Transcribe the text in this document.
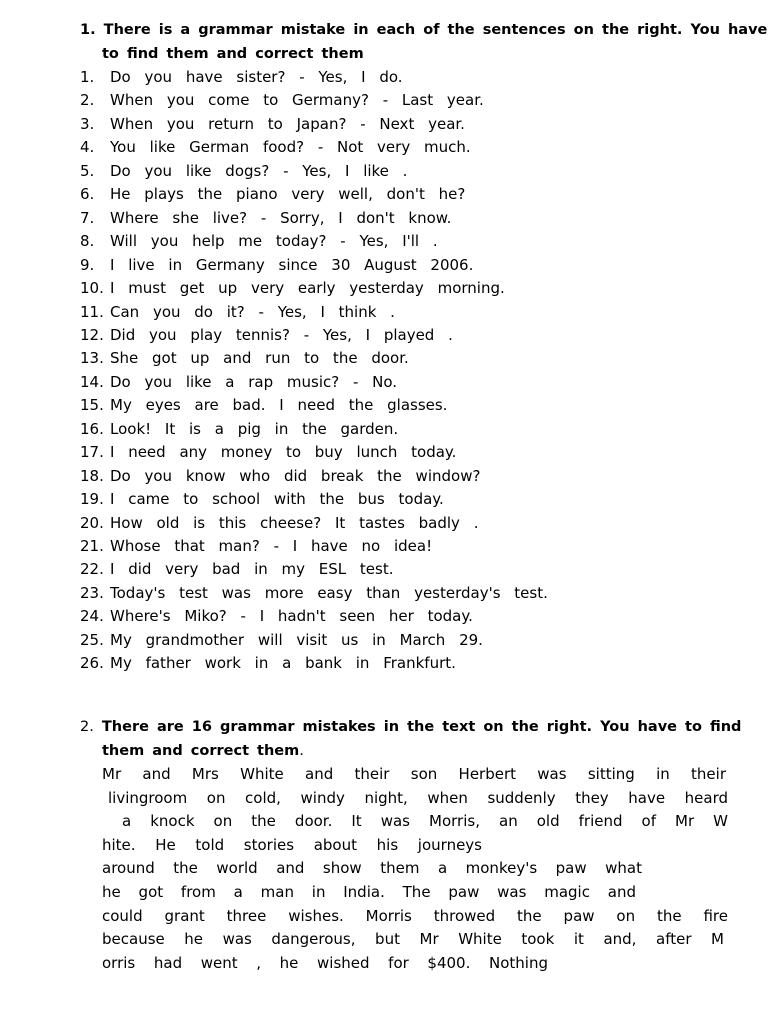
1. There is a grammar mistake in each of the sentences on the right. You have
to find them and correct them
1. Do you have sister? - Yes, I do.
2. When you come to Germany? - Last year.
3. When you return to Japan? - Next year.
4. You like German food? - Not very much.
5. Do you like dogs? - Yes, I like .
6. He plays the piano very well, don't he?
7. Where she live? - Sorry, I don't know.
8. Will you help me today? - Yes, I'll .
9. I live in Germany since 30 August 2006.
10. I must get up very early yesterday morning.
11. Can you do it? - Yes, I think .
12. Did you play tennis? - Yes, I played .
13. She got up and run to the door.
14. Do you like a rap music? - No.
15. My eyes are bad. I need the glasses.
16. Look! It is a pig in the garden.
17. I need any money to buy lunch today.
18. Do you know who did break the window?
19. I came to school with the bus today.
20. How old is this cheese? It tastes badly .
21. Whose that man? - I have no idea!
22. I did very bad in my ESL test.
23. Today's test was more easy than yesterday's test.
24. Where's Miko? - I hadn't seen her today.
25. My grandmother will visit us in March 29.
26. My father work in a bank in Frankfurt.
2. There are 16 grammar mistakes in the text on the right. You have to find
them and correct them.
Mr and Mrs White and their son Herbert was sitting in their
livingroom on cold, windy night, when suddenly they have heard
a knock on the door. It was Morris, an old friend of Mr W
hite. He told stories about his journeys
around the world and show them a monkey's paw what
he got from a man in India. The paw was magic and
could grant three wishes. Morris throwed the paw on the fire
because he was dangerous, but Mr White took it and, after M
orris had went , he wished for $400. Nothing
